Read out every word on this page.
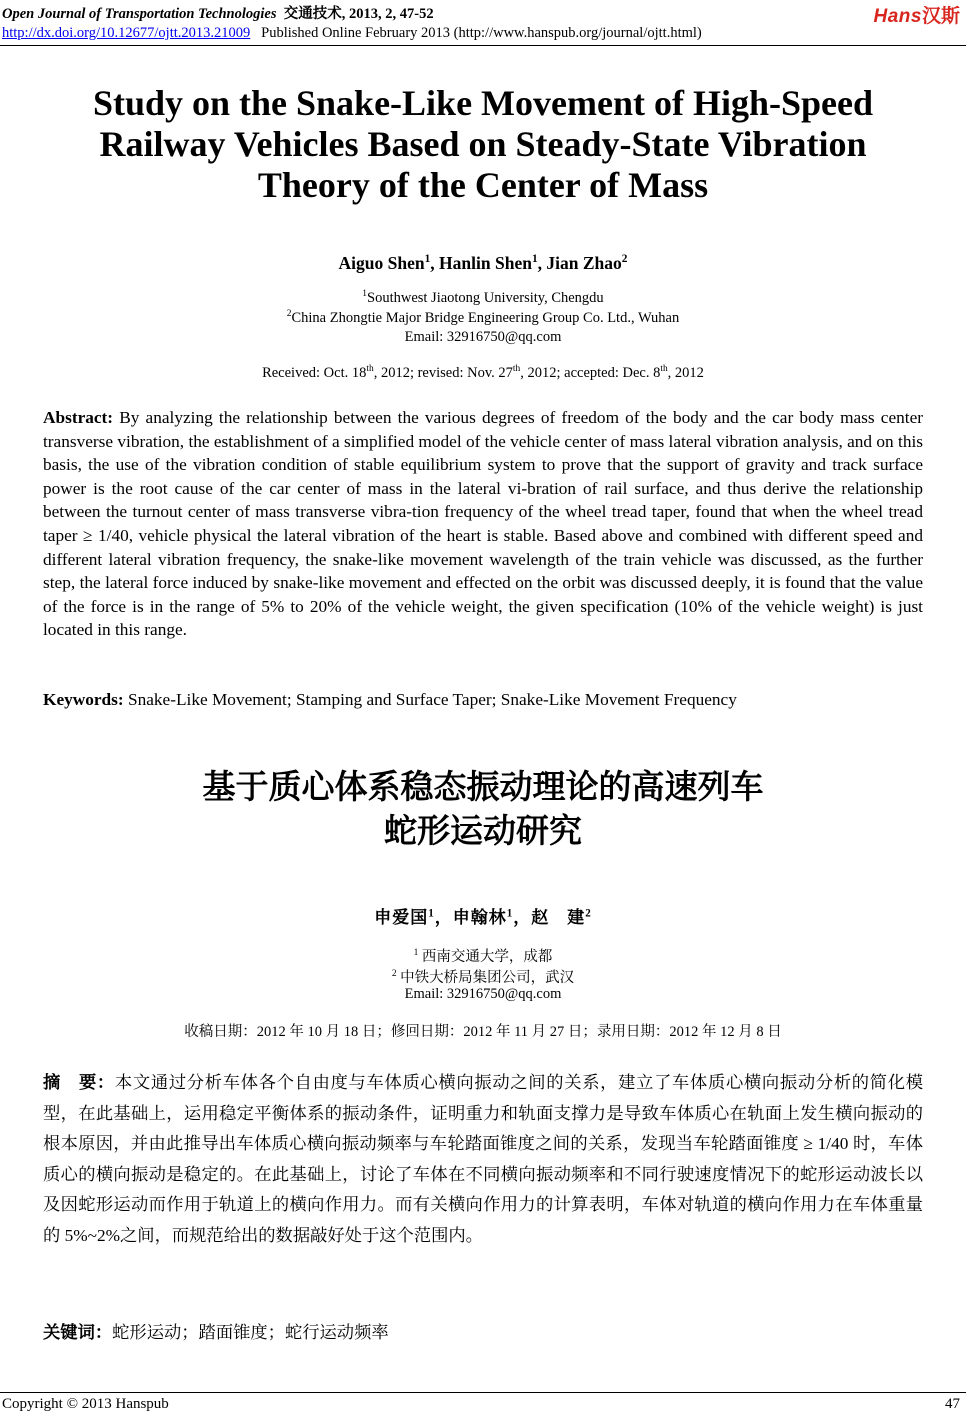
Open Journal of Transportation Technologies 交通技术, 2013, 2, 47-52	Hans汉斯
http://dx.doi.org/10.12677/ojtt.2013.21009 Published Online February 2013 (http://www.hanspub.org/journal/ojtt.html)
Study on the Snake-Like Movement of High-Speed Railway Vehicles Based on Steady-State Vibration Theory of the Center of Mass
Aiguo Shen$^1$, Hanlin Shen$^1$, Jian Zhao$^2$
$^1$Southwest Jiaotong University, Chengdu
$^2$China Zhongtie Major Bridge Engineering Group Co. Ltd., Wuhan
Email: 32916750@qq.com
Received: Oct. 18th, 2012; revised: Nov. 27th, 2012; accepted: Dec. 8th, 2012
Abstract: By analyzing the relationship between the various degrees of freedom of the body and the car body mass center transverse vibration, the establishment of a simplified model of the vehicle center of mass lateral vibration analysis, and on this basis, the use of the vibration condition of stable equilibrium system to prove that the support of gravity and track surface power is the root cause of the car center of mass in the lateral vi-bration of rail surface, and thus derive the relationship between the turnout center of mass transverse vibra-tion frequency of the wheel tread taper, found that when the wheel tread taper ≥ 1/40, vehicle physical the lateral vibration of the heart is stable. Based above and combined with different speed and different lateral vibration frequency, the snake-like movement wavelength of the train vehicle was discussed, as the further step, the lateral force induced by snake-like movement and effected on the orbit was discussed deeply, it is found that the value of the force is in the range of 5% to 20% of the vehicle weight, the given specification (10% of the vehicle weight) is just located in this range.
Keywords: Snake-Like Movement; Stamping and Surface Taper; Snake-Like Movement Frequency
基于质心体系稳态振动理论的高速列车
蛇形运动研究
申爱国$^1$，申翰林$^1$，赵　建$^2$
$^1$ 西南交通大学，成都
$^2$ 中铁大桥局集团公司，武汉
Email: 32916750@qq.com
收稿日期：2012 年 10 月 18 日；修回日期：2012 年 11 月 27 日；录用日期：2012 年 12 月 8 日
摘　要：本文通过分析车体各个自由度与车体质心横向振动之间的关系，建立了车体质心横向振动分析的简化模型，在此基础上，运用稳定平衡体系的振动条件，证明重力和轨面支撑力是导致车体质心在轨面上发生横向振动的根本原因，并由此推导出车体质心横向振动频率与车轮踏面锥度之间的关系，发现当车轮踏面锥度 ≥ 1/40 时，车体质心的横向振动是稳定的。在此基础上，讨论了车体在不同横向振动频率和不同行驶速度情况下的蛇形运动波长以及因蛇形运动而作用于轨道上的横向作用力。而有关横向作用力的计算表明，车体对轨道的横向作用力在车体重量的 5%~2%之间，而规范给出的数据敲好处于这个范围内。
关键词：蛇形运动；踏面锥度；蛇行运动频率
Copyright © 2013 Hanspub	47
